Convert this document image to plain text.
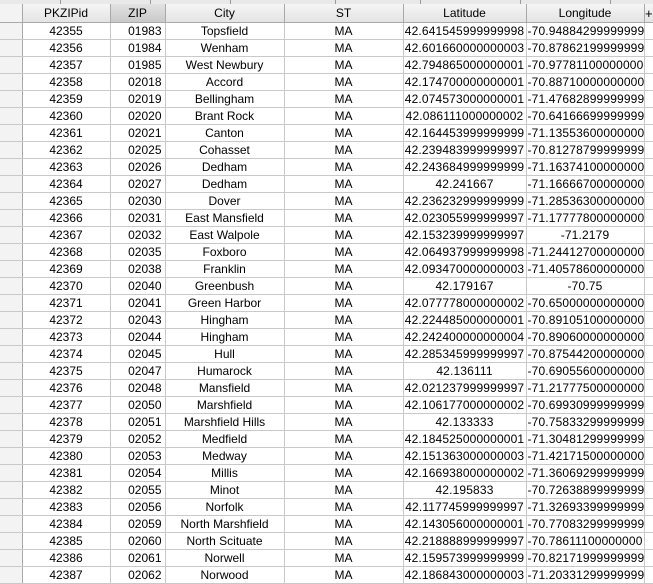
	PKZIPid	ZIP	City	ST	Latitude	Longitude	+
	42355	01983	Topsfield	MA	42.641545999999998	-70.94884299999999	
	42356	01984	Wenham	MA	42.601660000000003	-70.87862199999999	
	42357	01985	West Newbury	MA	42.794865000000001	-70.97781100000000	
	42358	02018	Accord	MA	42.174700000000001	-70.88710000000000	
	42359	02019	Bellingham	MA	42.074573000000001	-71.47682899999999	
	42360	02020	Brant Rock	MA	42.086111000000002	-70.64166699999999	
	42361	02021	Canton	MA	42.164453999999999	-71.13553600000000	
	42362	02025	Cohasset	MA	42.239483999999997	-70.81278799999999	
	42363	02026	Dedham	MA	42.243684999999999	-71.16374100000000	
	42364	02027	Dedham	MA	42.241667	-71.16666700000000	
	42365	02030	Dover	MA	42.236232999999999	-71.28536300000000	
	42366	02031	East Mansfield	MA	42.023055999999997	-71.17777800000000	
	42367	02032	East Walpole	MA	42.153239999999997	-71.2179	
	42368	02035	Foxboro	MA	42.064937999999998	-71.24412700000000	
	42369	02038	Franklin	MA	42.093470000000003	-71.40578600000000	
	42370	02040	Greenbush	MA	42.179167	-70.75	
	42371	02041	Green Harbor	MA	42.077778000000002	-70.65000000000000	
	42372	02043	Hingham	MA	42.224485000000001	-70.89105100000000	
	42373	02044	Hingham	MA	42.242400000000004	-70.89060000000000	
	42374	02045	Hull	MA	42.285345999999997	-70.87544200000000	
	42375	02047	Humarock	MA	42.136111	-70.69055600000000	
	42376	02048	Mansfield	MA	42.021237999999997	-71.21777500000000	
	42377	02050	Marshfield	MA	42.106177000000002	-70.69930999999999	
	42378	02051	Marshfield Hills	MA	42.133333	-70.75833299999999	
	42379	02052	Medfield	MA	42.184525000000001	-71.30481299999999	
	42380	02053	Medway	MA	42.151363000000003	-71.42171500000000	
	42381	02054	Millis	MA	42.166938000000002	-71.36069299999999	
	42382	02055	Minot	MA	42.195833	-70.72638899999999	
	42383	02056	Norfolk	MA	42.117745999999997	-71.32693399999999	
	42384	02059	North Marshfield	MA	42.143056000000001	-70.77083299999999	
	42385	02060	North Scituate	MA	42.218888999999997	-70.78611100000000	
	42386	02061	Norwell	MA	42.159573999999999	-70.82171999999999	
	42387	02062	Norwood	MA	42.186843000000003	-71.20331299999999	
